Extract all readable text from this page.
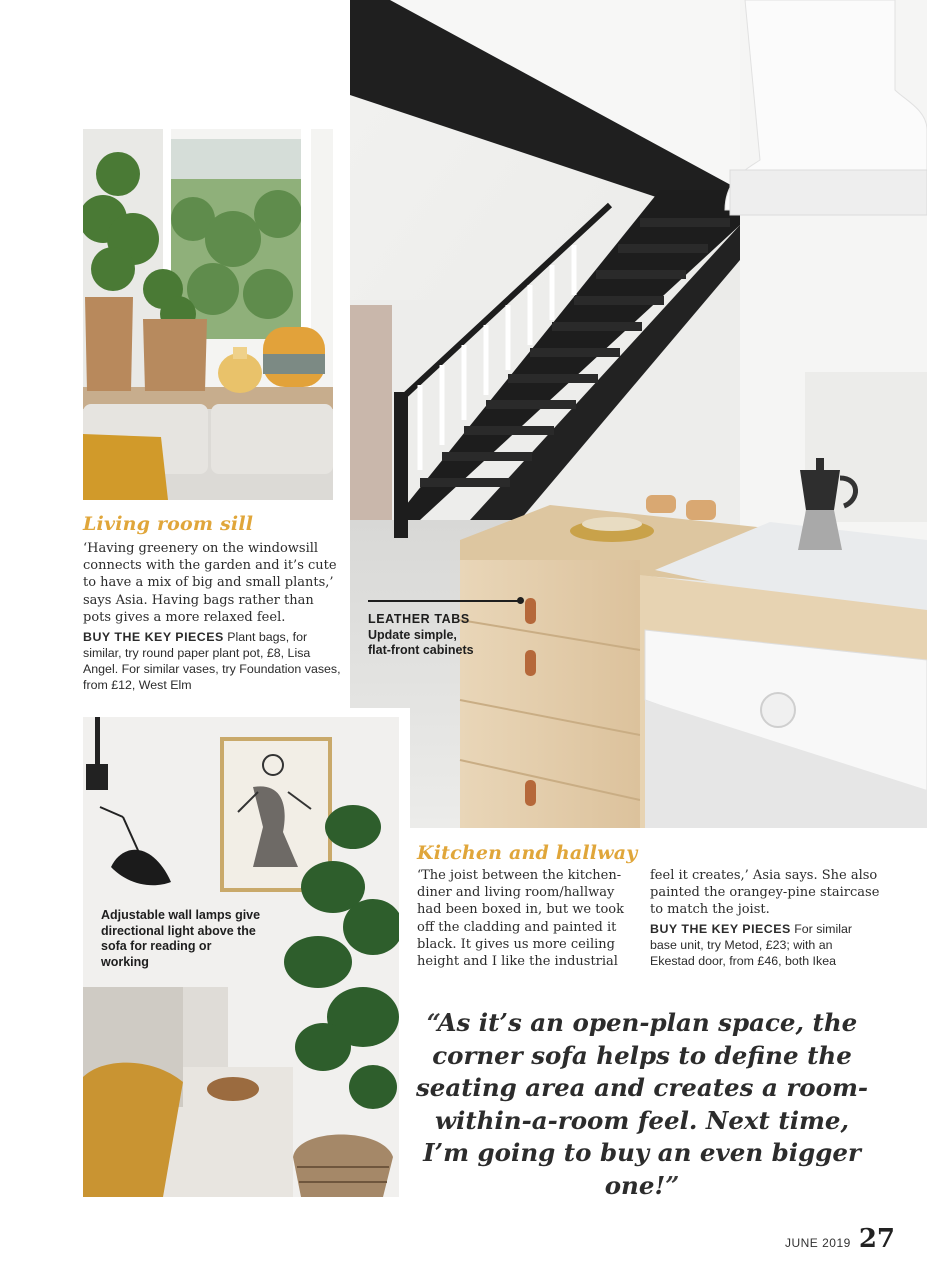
Living room sill
‘Having greenery on the windowsill connects with the garden and it’s cute to have a mix of big and small plants,’ says Asia. Having bags rather than pots gives a more relaxed feel.
BUY THE KEY PIECES Plant bags, for similar, try round paper plant pot, £8, Lisa Angel. For similar vases, try Foundation vases, from £12, West Elm
LEATHER TABS
Update simple,
flat-front cabinets
Kitchen and hallway
‘The joist between the kitchen-diner and living room/hallway had been boxed in, but we took off the cladding and painted it black. It gives us more ceiling height and I like the industrial
feel it creates,’ Asia says. She also painted the orangey-pine staircase to match the joist.
BUY THE KEY PIECES For similar base unit, try Metod, £23; with an Ekestad door, from £46, both Ikea
Adjustable wall lamps give directional light above the sofa for reading or working
“As it’s an open-plan space, the corner sofa helps to define the seating area and creates a room-within-a-room feel. Next time, I’m going to buy an even bigger one!”
JUNE 2019 27
